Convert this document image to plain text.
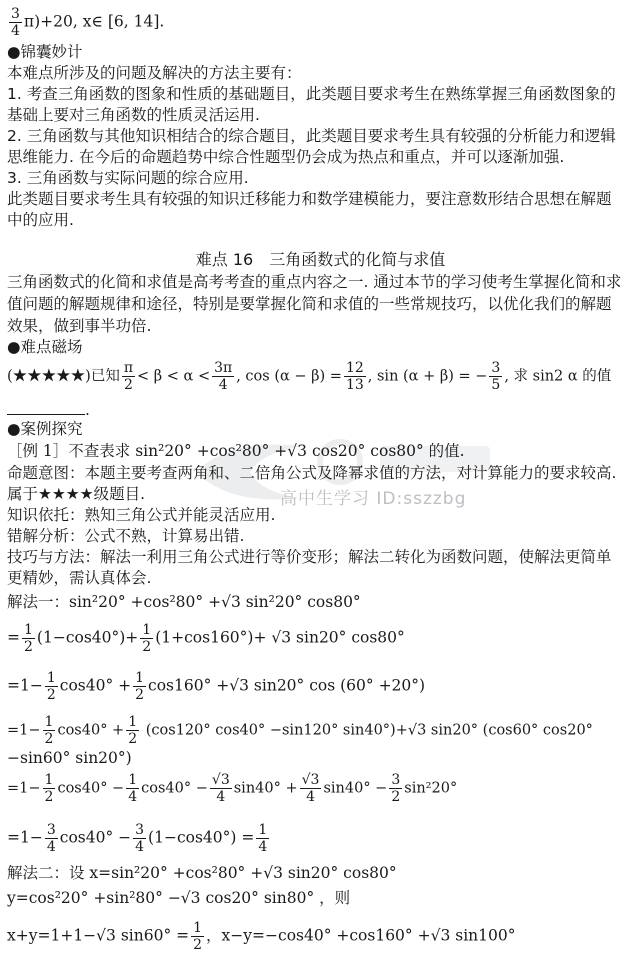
$\frac{3}{4} \pi)+20$, x∈ [6, 14].
● 锦囊妙计
本难点所涉及的问题及解决的方法主要有：
1. 考查三角函数的图象和性质的基础题目，此类题目要求考生在熟练掌握三角函数图象的
基础上要对三角函数的性质灵活运用.
2. 三角函数与其他知识相结合的综合题目，此类题目要求考生具有较强的分析能力和逻辑
思维能力. 在今后的命题趋势中综合性题型仍会成为热点和重点，并可以逐渐加强.
3. 三角函数与实际问题的综合应用.
此类题目要求考生具有较强的知识迁移能力和数学建模能力，要注意数形结合思想在解题
中的应用.
难点 16　三角函数式的化简与求值
三角函数式的化简和求值是高考考查的重点内容之一. 通过本节的学习使考生掌握化简和求
值问题的解题规律和途径，特别是要掌握化简和求值的一些常规技巧，以优化我们的解题
效果，做到事半功倍.
● 难点磁场
(★★★★★)已知 $\frac{\pi}{2} < \beta < \alpha < \frac{3\pi}{4}$ , $\cos (\alpha - \beta) = \frac{12}{13}$ , sin (α + β) = − $\frac{3}{5}$ , 求 sin2 α 的值
.
● 案例探究
高中生学习 ID:sszzbg
［例 1］不查表求 sin²20° +cos²80° +√3 cos20° cos80° 的值.
命题意图：本题主要考查两角和、二倍角公式及降幂求值的方法，对计算能力的要求较高.
属于★★★★级题目.
知识依托：熟知三角公式并能灵活应用.
错解分析：公式不熟，计算易出错.
技巧与方法：解法一利用三角公式进行等价变形；解法二转化为函数问题，使解法更简单
更精妙，需认真体会.
解法一：sin²20° +cos²80° +√3 sin²20° cos80°
= $\frac{1}{2} (1-\cos 40^\circ)+ \frac{1}{2} (1+\cos 160^\circ)+ √3$ sin20° cos80°
$=1- \frac{1}{2} \cos 40^\circ + \frac{1}{2} \cos 160^\circ +√3$ sin20° cos (60° +20°)
$=1- \frac{1}{2} \cos 40^\circ + \frac{1}{2} (\cos 120^\circ$ cos40° −sin120° sin40°)+√3 sin20° (cos60° cos20°
−sin60° sin20°)
$=1- \frac{1}{2} \cos 40^\circ - \frac{1}{4} \cos 40^\circ - \frac{√3}{4} \sin 40^\circ + \frac{√3}{4} \sin 40^\circ - \frac{3}{2} \sin^220^\circ$
$=1- \frac{3}{4} \cos 40^\circ - \frac{3}{4} (1-\cos 40^\circ) = \frac{1}{4}$
解法二：设 x=sin²20° +cos²80° +√3 sin20° cos80°
y=cos²20° +sin²80° −√3 cos20° sin80° ，则
x+y=1+1−√3 $\sin 60^\circ = \frac{1}{2}$ ，x−y=−cos40° +cos160° +√3 sin100°
